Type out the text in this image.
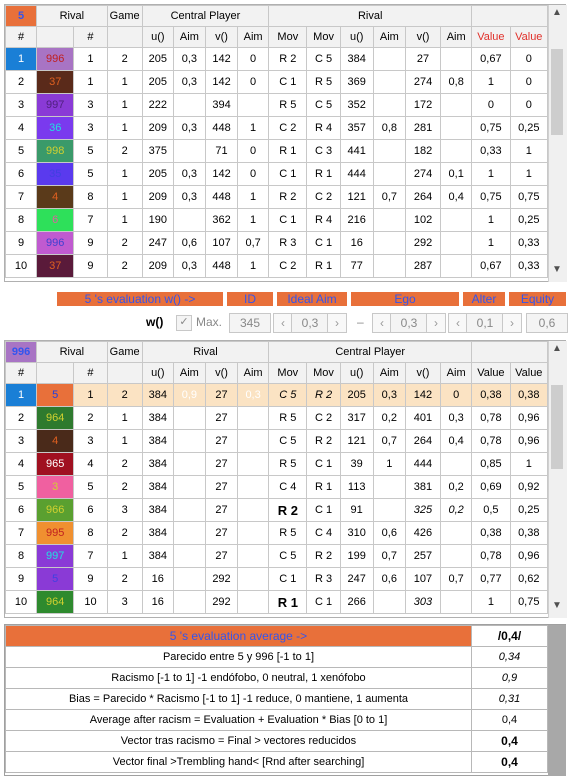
5	Rival		Game	Central Player				Rival							
#		#		u()	Aim	v()	Aim	Mov	Mov	u()	Aim	v()	Aim	Value	Value
1	996	1	2	205	0,3	142	0	R 2	C 5	384		27		0,67	0
2	37	1	1	205	0,3	142	0	C 1	R 5	369		274	0,8	1	0
3	997	3	1	222		394		R 5	C 5	352		172		0	0
4	36	3	1	209	0,3	448	1	C 2	R 4	357	0,8	281		0,75	0,25
5	998	5	2	375		71	0	R 1	C 3	441		182		0,33	1
6	35	5	1	205	0,3	142	0	C 1	R 1	444		274	0,1	1	1
7	4	8	1	209	0,3	448	1	R 2	C 2	121	0,7	264	0,4	0,75	0,75
8	6	7	1	190		362	1	C 1	R 4	216		102		1	0,25
9	996	9	2	247	0,6	107	0,7	R 3	C 1	16		292		1	0,33
10	37	9	2	209	0,3	448	1	C 2	R 1	77		287		0,67	0,33
▲
▼
5 's evaluation w() ->	ID	Ideal Aim	Ego	Alter	Equity
w()	✓ Max.	345	‹	0,3	›	–	‹	0,3	›	‹	0,1	›	0,6
996	Rival		Game	Rival				Central Player							
#		#		u()	Aim	v()	Aim	Mov	Mov	u()	Aim	v()	Aim	Value	Value
1	5	1	2	384	0,9	27	0,3	C 5	R 2	205	0,3	142	0	0,38	0,38
2	964	2	1	384		27		R 5	C 2	317	0,2	401	0,3	0,78	0,96
3	4	3	1	384		27		C 5	R 2	121	0,7	264	0,4	0,78	0,96
4	965	4	2	384		27		R 5	C 1	39	1	444		0,85	1
5	3	5	2	384		27		C 4	R 1	113		381	0,2	0,69	0,92
6	966	6	3	384		27		R 2	C 1	91		325	0,2	0,5	0,25
7	995	8	2	384		27		R 5	C 4	310	0,6	426		0,38	0,38
8	997	7	1	384		27		C 5	R 2	199	0,7	257		0,78	0,96
9	5	9	2	16		292		C 1	R 3	247	0,6	107	0,7	0,77	0,62
10	964	10	3	16		292		R 1	C 1	266		303		1	0,75
▲
▼
5 's evaluation average ->	/0,4/
Parecido entre 5 y 996 [-1 to 1]	0,34
Racismo [-1 to 1] -1 endófobo, 0 neutral, 1 xenófobo	0,9
Bias = Parecido * Racismo [-1 to 1] -1 reduce, 0 mantiene, 1 aumenta	0,31
Average after racism = Evaluation + Evaluation * Bias [0 to 1]	0,4
Vector tras racismo = Final > vectores reducidos	0,4
Vector final >Trembling hand< [Rnd after searching]	0,4
